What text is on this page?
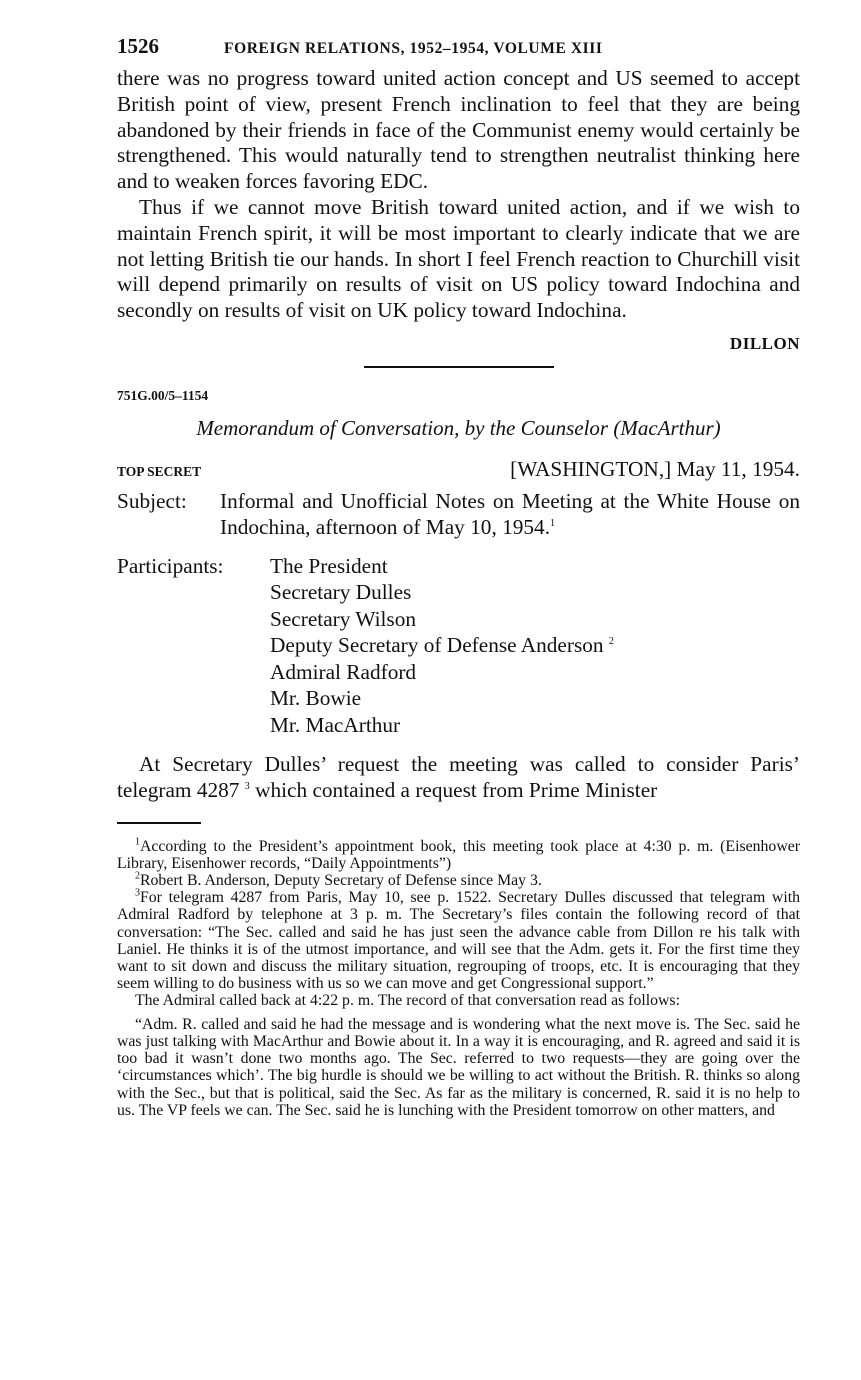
1526	FOREIGN RELATIONS, 1952–1954, VOLUME XIII

there was no progress toward united action concept and US seemed to accept British point of view, present French inclination to feel that they are being abandoned by their friends in face of the Communist enemy would certainly be strengthened. This would naturally tend to strengthen neutralist thinking here and to weaken forces favoring EDC.

Thus if we cannot move British toward united action, and if we wish to maintain French spirit, it will be most important to clearly indicate that we are not letting British tie our hands. In short I feel French reaction to Churchill visit will depend primarily on results of visit on US policy toward Indochina and secondly on results of visit on UK policy toward Indochina.

DILLON
751G.00/5–1154
Memorandum of Conversation, by the Counselor (MacArthur)
TOP SECRET	[WASHINGTON,] May 11, 1954.
Subject:	Informal and Unofficial Notes on Meeting at the White House on Indochina, afternoon of May 10, 1954.$^1$
Participants:	The President
Secretary Dulles
Secretary Wilson
Deputy Secretary of Defense Anderson $^2$
Admiral Radford
Mr. Bowie
Mr. MacArthur

At Secretary Dulles’ request the meeting was called to consider Paris’ telegram 4287 $^3$ which contained a request from Prime Minister

$^1$According to the President’s appointment book, this meeting took place at 4:30 p. m. (Eisenhower Library, Eisenhower records, “Daily Appointments”)

$^2$Robert B. Anderson, Deputy Secretary of Defense since May 3.

$^3$For telegram 4287 from Paris, May 10, see p. 1522. Secretary Dulles discussed that telegram with Admiral Radford by telephone at 3 p. m. The Secretary’s files contain the following record of that conversation: “The Sec. called and said he has just seen the advance cable from Dillon re his talk with Laniel. He thinks it is of the utmost importance, and will see that the Adm. gets it. For the first time they want to sit down and discuss the military situation, regrouping of troops, etc. It is encouraging that they seem willing to do business with us so we can move and get Congressional support.”

The Admiral called back at 4:22 p. m. The record of that conversation read as follows:

“Adm. R. called and said he had the message and is wondering what the next move is. The Sec. said he was just talking with MacArthur and Bowie about it. In a way it is encouraging, and R. agreed and said it is too bad it wasn’t done two months ago. The Sec. referred to two requests—they are going over the ‘circumstances which’. The big hurdle is should we be willing to act without the British. R. thinks so along with the Sec., but that is political, said the Sec. As far as the military is concerned, R. said it is no help to us. The VP feels we can. The Sec. said he is lunching with the President tomorrow on other matters, and
